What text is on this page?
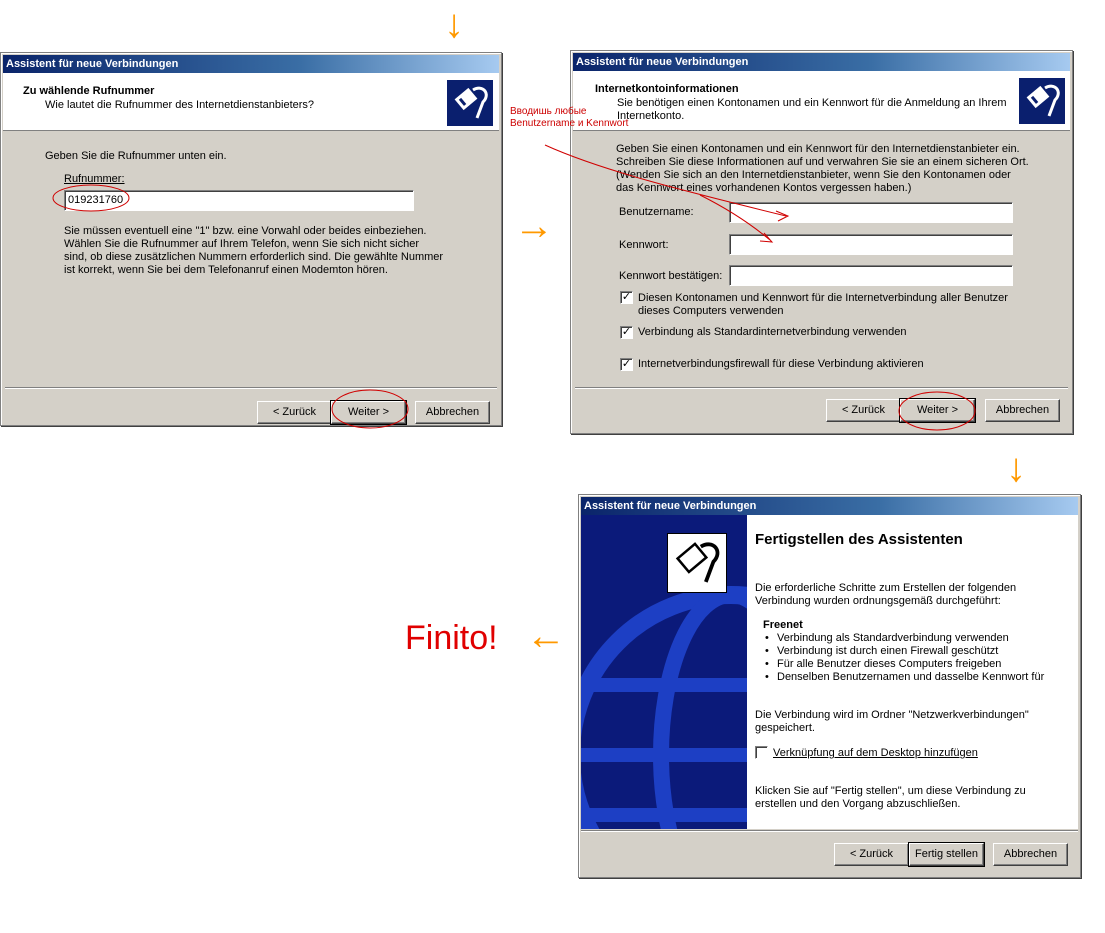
↓
→
↓
←
Finito!
Assistent für neue Verbindungen
Zu wählende Rufnummer
Wie lautet die Rufnummer des Internetdienstanbieters?
Geben Sie die Rufnummer unten ein.
Rufnummer:
019231760
Sie müssen eventuell eine "1" bzw. eine Vorwahl oder beides einbeziehen. Wählen Sie die Rufnummer auf Ihrem Telefon, wenn Sie sich nicht sicher sind, ob diese zusätzlichen Nummern erforderlich sind. Die gewählte Nummer ist korrekt, wenn Sie bei dem Telefonanruf einen Modemton hören.
< Zurück	Weiter >	Abbrechen
Assistent für neue Verbindungen
Internetkontoinformationen
Sie benötigen einen Kontonamen und ein Kennwort für die Anmeldung an Ihrem Internetkonto.
Geben Sie einen Kontonamen und ein Kennwort für den Internetdienstanbieter ein. Schreiben Sie diese Informationen auf und verwahren Sie sie an einem sicheren Ort. (Wenden Sie sich an den Internetdienstanbieter, wenn Sie den Kontonamen oder das Kennwort eines vorhandenen Kontos vergessen haben.)
Benutzername:
Kennwort:
Kennwort bestätigen:
✓ Diesen Kontonamen und Kennwort für die Internetverbindung aller Benutzer dieses Computers verwenden
✓ Verbindung als Standardinternetverbindung verwenden
✓ Internetverbindungsfirewall für diese Verbindung aktivieren
< Zurück	Weiter >	Abbrechen
Вводишь любые Benutzername и Kennwort
Assistent für neue Verbindungen
Fertigstellen des Assistenten
Die erforderliche Schritte zum Erstellen der folgenden Verbindung wurden ordnungsgemäß durchgeführt:
Freenet
• Verbindung als Standardverbindung verwenden
• Verbindung ist durch einen Firewall geschützt
• Für alle Benutzer dieses Computers freigeben
• Denselben Benutzernamen und dasselbe Kennwort für
Die Verbindung wird im Ordner "Netzwerkverbindungen" gespeichert.
Verknüpfung auf dem Desktop hinzufügen
Klicken Sie auf "Fertig stellen", um diese Verbindung zu erstellen und den Vorgang abzuschließen.
< Zurück	Fertig stellen	Abbrechen
